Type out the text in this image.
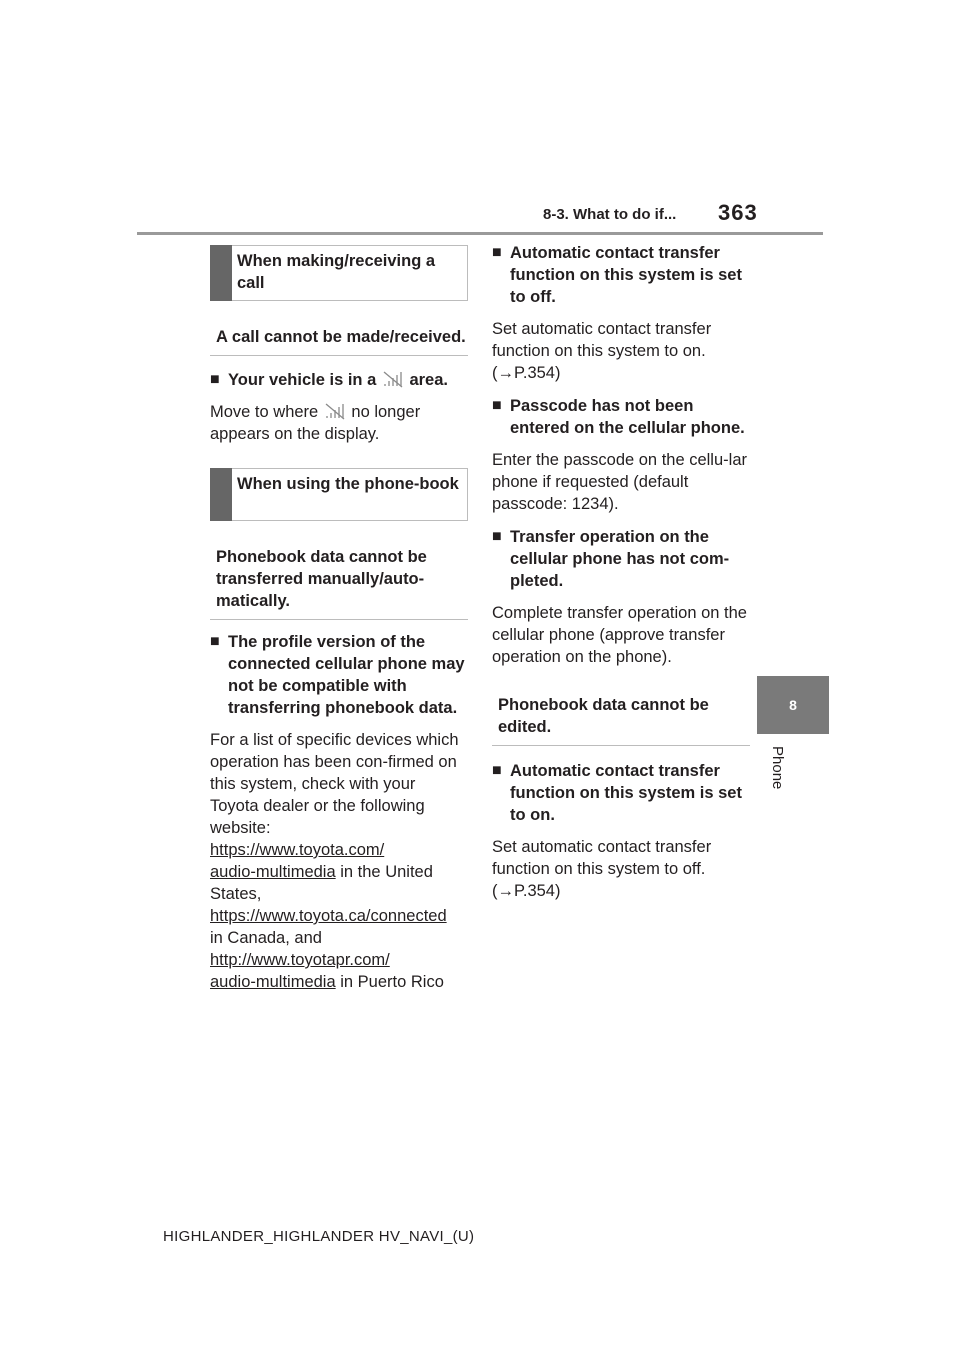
8-3. What to do if... 363
8
Phone
When making/receiving a call
A call cannot be made/received.
■ Your vehicle is in a area.
Move to where no longer appears on the display.
When using the phone-book
Phonebook data cannot be transferred manually/auto-matically.
■ The profile version of the connected cellular phone may not be compatible with transferring phonebook data.
For a list of specific devices which operation has been con-firmed on this system, check with your Toyota dealer or the following website:
https://www.toyota.com/
audio-multimedia in the United States,
https://www.toyota.ca/connected
in Canada, and
http://www.toyotapr.com/
audio-multimedia in Puerto Rico
■ Automatic contact transfer function on this system is set to off.
Set automatic contact transfer function on this system to on.
(→P.354)
■ Passcode has not been entered on the cellular phone.
Enter the passcode on the cellu-lar phone if requested (default passcode: 1234).
■ Transfer operation on the cellular phone has not com-pleted.
Complete transfer operation on the cellular phone (approve transfer operation on the phone).
Phonebook data cannot be edited.
■ Automatic contact transfer function on this system is set to on.
Set automatic contact transfer function on this system to off.
(→P.354)
HIGHLANDER_HIGHLANDER HV_NAVI_(U)
